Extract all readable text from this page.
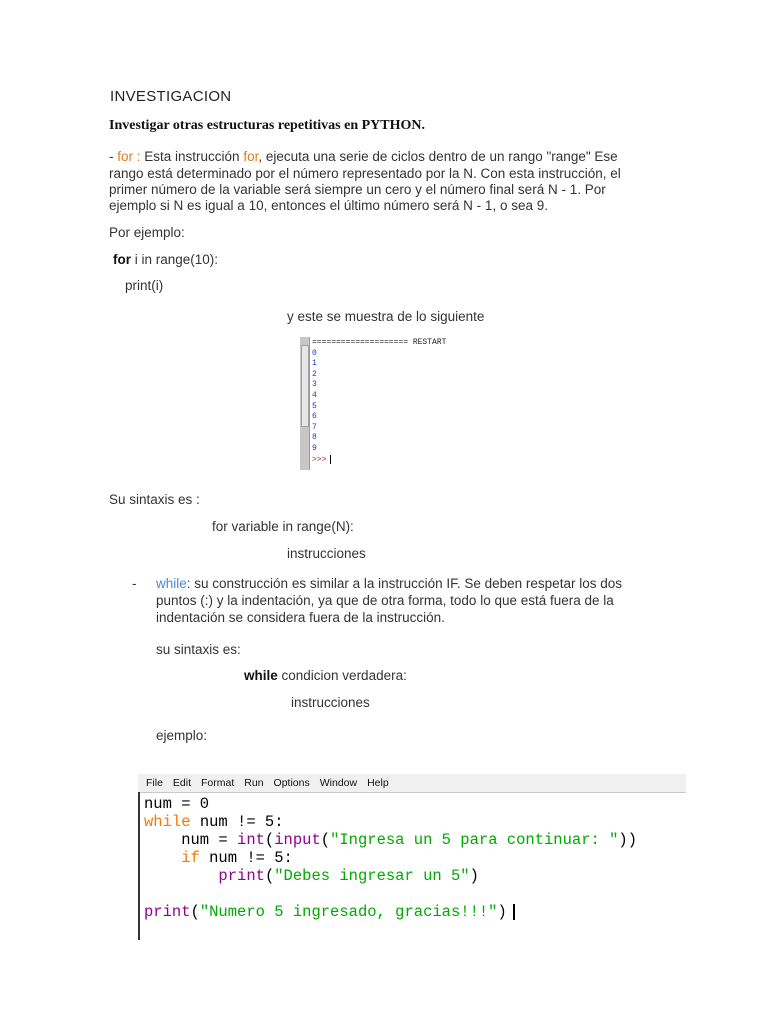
INVESTIGACION
Investigar otras estructuras repetitivas en PYTHON.
- for : Esta instrucción for, ejecuta una serie de ciclos dentro de un rango "range" Ese
rango está determinado por el número representado por la N. Con esta instrucción, el
primer número de la variable será siempre un cero y el número final será N - 1. Por
ejemplo si N es igual a 10, entonces el último número será N - 1, o sea 9.
Por ejemplo:
for i in range(10):
print(i)
y este se muestra de lo siguiente
==================== RESTART
0
1
2
3
4
5
6
7
8
9
>>>
Su sintaxis es :
for variable in range(N):
instrucciones
- while: su construcción es similar a la instrucción IF. Se deben respetar los dos
puntos (:) y la indentación, ya que de otra forma, todo lo que está fuera de la
indentación se considera fuera de la instrucción.
su sintaxis es:
while condicion verdadera:
instrucciones
ejemplo:
File Edit Format Run Options Window Help
num = 0
while num != 5:
num = int(input("Ingresa un 5 para continuar: "))
if num != 5:
print("Debes ingresar un 5")

print("Numero 5 ingresado, gracias!!!")
